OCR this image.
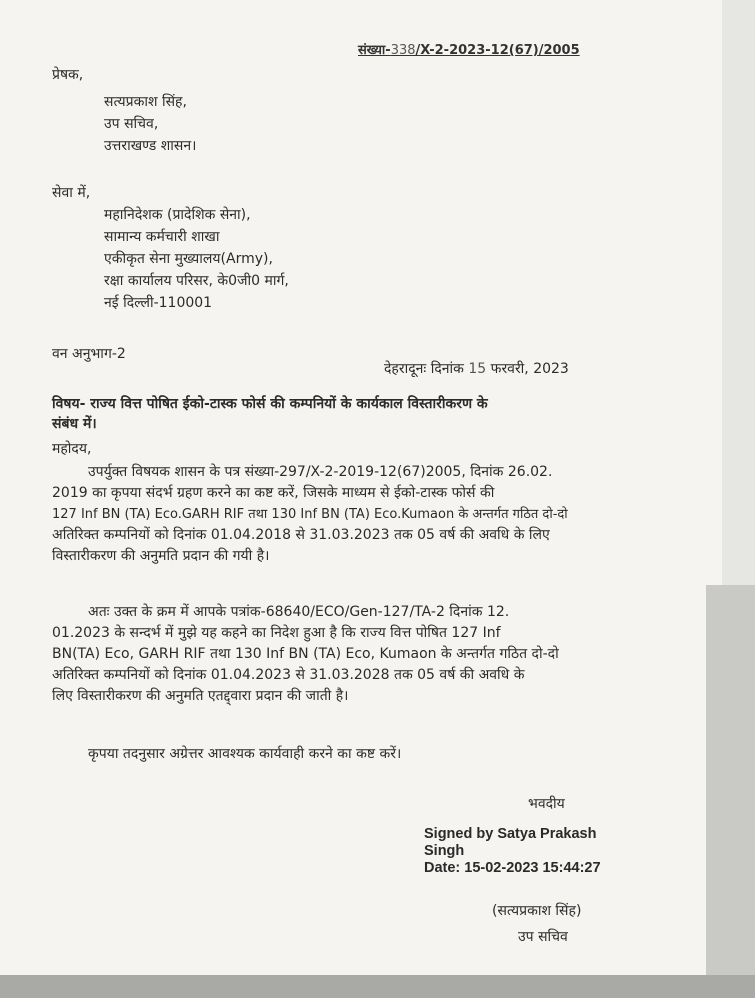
संख्या-338/X-2-2023-12(67)/2005
प्रेषक,
सत्यप्रकाश सिंह,
उप सचिव,
उत्तराखण्ड शासन।
सेवा में,
महानिदेशक (प्रादेशिक सेना),
सामान्य कर्मचारी शाखा
एकीकृत सेना मुख्यालय(Army),
रक्षा कार्यालय परिसर, के0जी0 मार्ग,
नई दिल्ली-110001
वन अनुभाग-2
देहरादूनः दिनांक 15 फरवरी, 2023
विषय- राज्य वित्त पोषित ईको-टास्क फोर्स की कम्पनियों के कार्यकाल विस्तारीकरण के
संबंध में।
महोदय,
उपर्युक्त विषयक शासन के पत्र संख्या-297/X-2-2019-12(67)2005, दिनांक 26.02.
2019 का कृपया संदर्भ ग्रहण करने का कष्ट करें, जिसके माध्यम से ईको-टास्क फोर्स की
127 Inf BN (TA) Eco.GARH RIF तथा 130 Inf BN (TA) Eco.Kumaon के अन्तर्गत गठित दो-दो
अतिरिक्त कम्पनियों को दिनांक 01.04.2018 से 31.03.2023 तक 05 वर्ष की अवधि के लिए
विस्तारीकरण की अनुमति प्रदान की गयी है।
अतः उक्त के क्रम में आपके पत्रांक-68640/ECO/Gen-127/TA-2 दिनांक 12.
01.2023 के सन्दर्भ में मुझे यह कहने का निदेश हुआ है कि राज्य वित्त पोषित 127 Inf
BN(TA) Eco, GARH RIF तथा 130 Inf BN (TA) Eco, Kumaon के अन्तर्गत गठित दो-दो
अतिरिक्त कम्पनियों को दिनांक 01.04.2023 से 31.03.2028 तक 05 वर्ष की अवधि के
लिए विस्तारीकरण की अनुमति एतद्द्वारा प्रदान की जाती है।
कृपया तदनुसार अग्रेत्तर आवश्यक कार्यवाही करने का कष्ट करें।
भवदीय
Signed by Satya Prakash
Singh
Date: 15-02-2023 15:44:27
(सत्यप्रकाश सिंह)
उप सचिव
